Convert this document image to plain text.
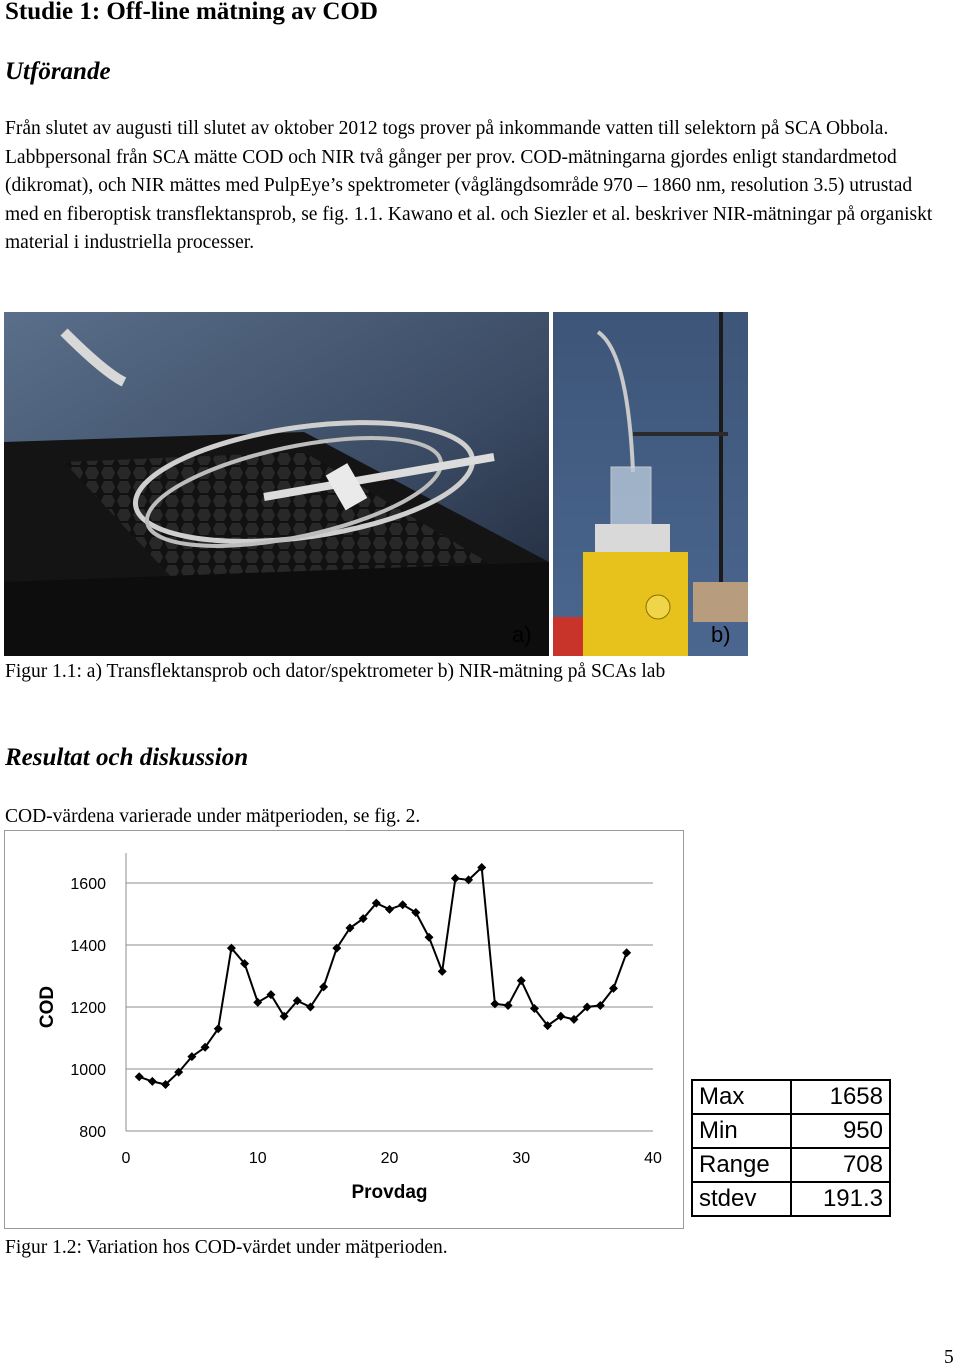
Studie 1: Off-line mätning av COD
Utförande

Från slutet av augusti till slutet av oktober 2012 togs prover på inkommande vatten till selektorn på SCA Obbola. Labbpersonal från SCA mätte COD och NIR två gånger per prov. COD-mätningarna gjordes enligt standardmetod (dikromat), och NIR mättes med PulpEye’s spektrometer (våglängdsområde 970 – 1860 nm, resolution 3.5) utrustad med en fiberoptisk transflektansprob, se fig. 1.1. Kawano et al. och Siezler et al. beskriver NIR-mätningar på organiskt material i industriella processer.

a)	b)
Figur 1.1: a) Transflektansprob och dator/spektrometer b) NIR-mätning på SCAs lab
Resultat och diskussion
COD-värdena varierade under mätperioden, se fig. 2.
1600
1400
1200
1000
800
0	10	20	30	40
Provdag
COD
Figur 1.2: Variation hos COD-värdet under mätperioden.
Max	1658
Min	950
Range	708
stdev	191.3
5
